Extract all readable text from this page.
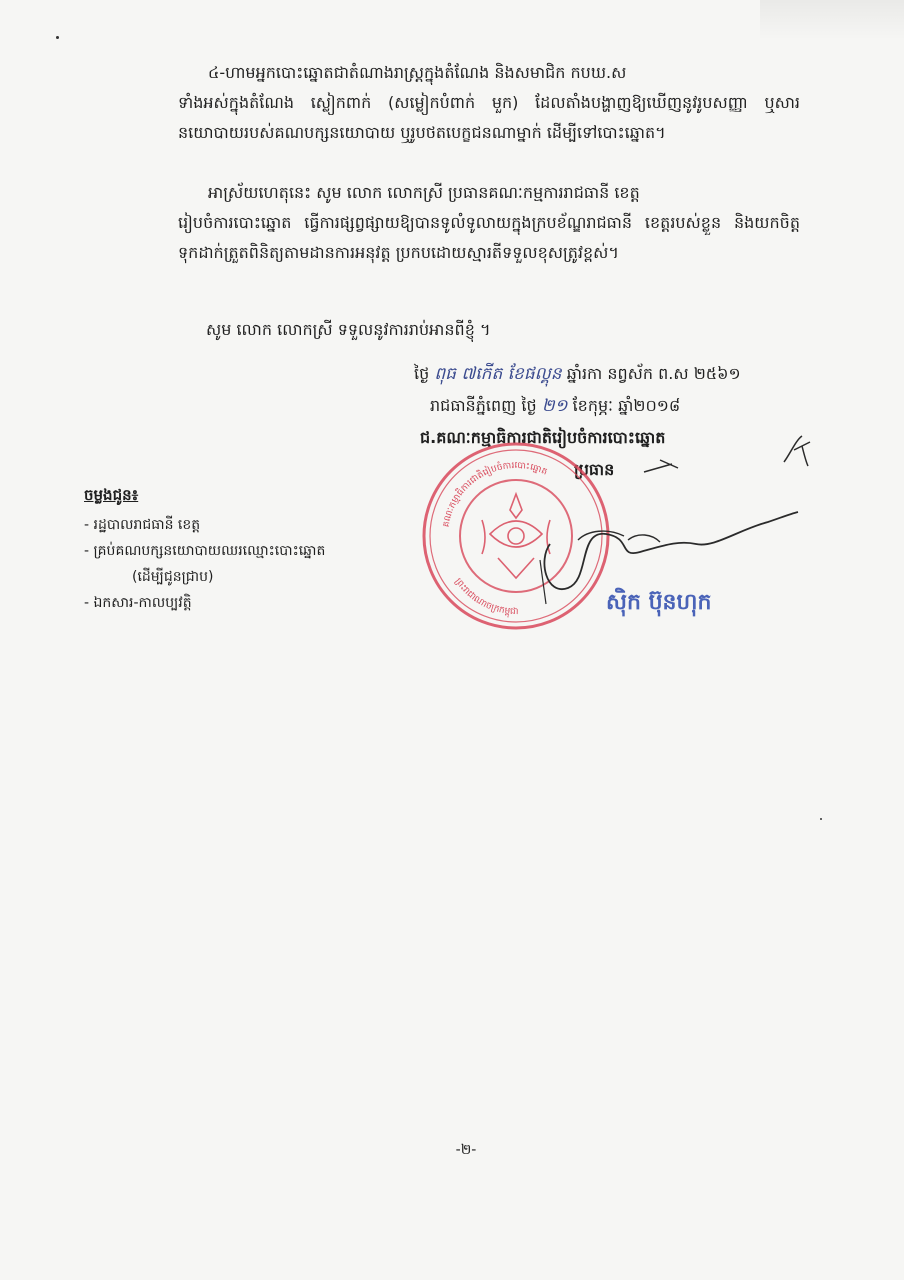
៤-ហាមអ្នកបោះឆ្នោតជាតំណាងរាស្ត្រក្នុងតំណែង និងសមាជិក កបឃ.ស
ទាំងអស់ក្នុងតំណែង ស្លៀកពាក់ (សម្លៀកបំពាក់ មួក) ដែលតាំងបង្ហាញឱ្យឃើញនូវរូបសញ្ញា ឬសារនយោបាយរបស់គណបក្សនយោបាយ ឬរូបថតបេក្ខជនណាម្នាក់ ដើម្បីទៅបោះឆ្នោត។

អាស្រ័យហេតុនេះ សូម លោក លោកស្រី ប្រធានគណៈកម្មការរាជធានី ខេត្ត
រៀបចំការបោះឆ្នោត ធ្វើការផ្សព្វផ្សាយឱ្យបានទូលំទូលាយក្នុងក្របខ័ណ្ឌរាជធានី ខេត្តរបស់ខ្លួន និងយកចិត្តទុកដាក់ត្រួតពិនិត្យតាមដានការអនុវត្ត ប្រកបដោយស្មារតីទទួលខុសត្រូវខ្ពស់។

សូម លោក លោកស្រី ទទួលនូវការរាប់អានពីខ្ញុំ ។
ថ្ងៃ ពុធ ៧កើត ខែផល្គុន ឆ្នាំរកា នព្វស័ក ព.ស ២៥៦១
រាជធានីភ្នំពេញ ថ្ងៃ ២១ ខែកុម្ភៈ ឆ្នាំ២០១៨
ជ.គណៈកម្មាធិការជាតិរៀបចំការបោះឆ្នោត
ប្រធាន
គណៈកម្មាធិការជាតិរៀបចំការបោះឆ្នោត
ព្រះរាជាណាចក្រកម្ពុជា	ស៊ិក ប៊ុនហុក
ចម្លងជូន៖
- រដ្ឋបាលរាជធានី ខេត្ត
- គ្រប់គណបក្សនយោបាយឈរឈ្មោះបោះឆ្នោត
(ដើម្បីជូនជ្រាប)
- ឯកសារ-កាលប្បវត្តិ
-២-
